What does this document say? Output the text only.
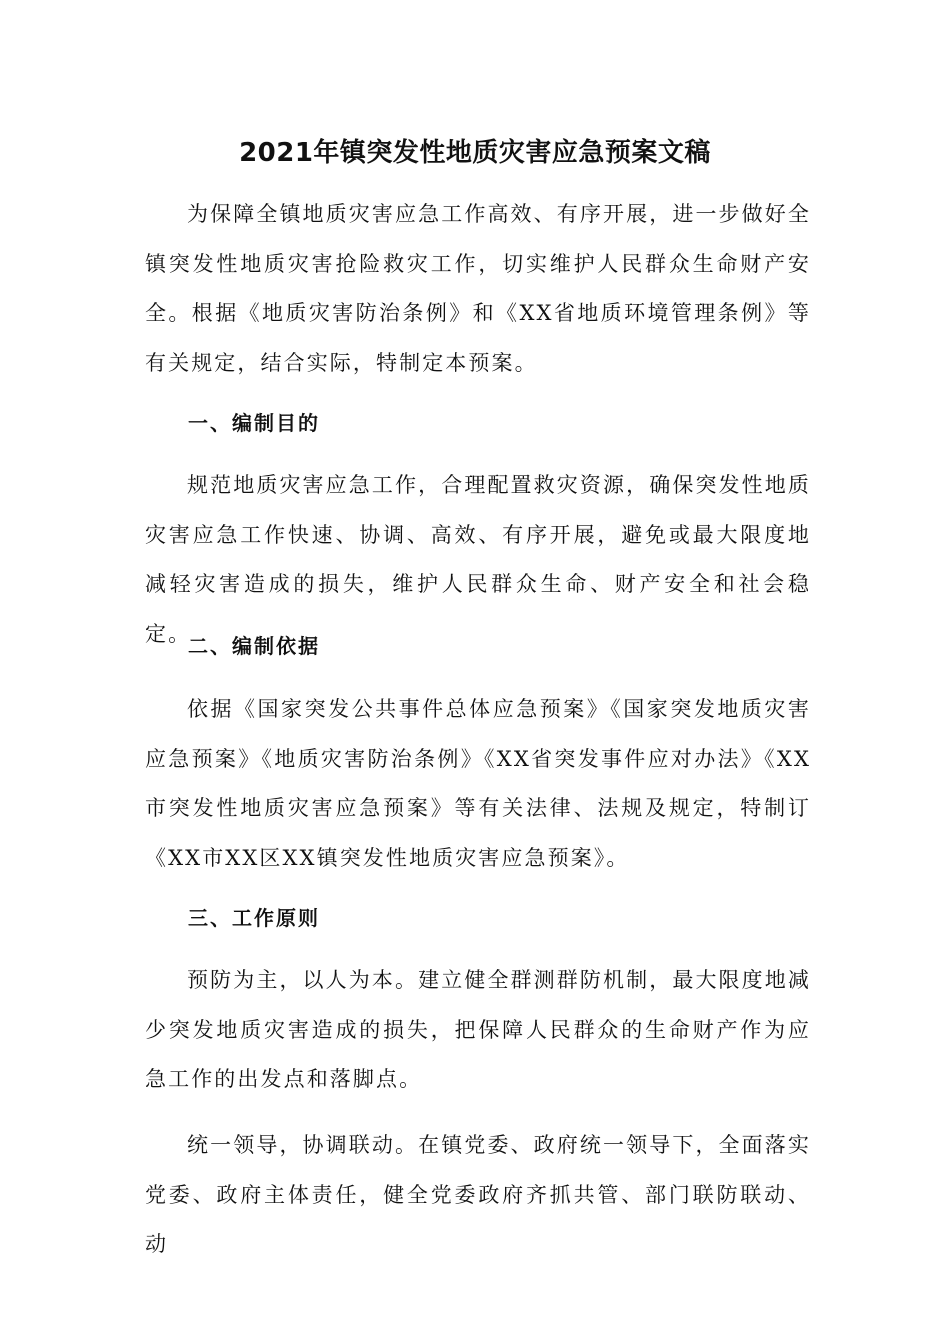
2021年镇突发性地质灾害应急预案文稿

为保障全镇地质灾害应急工作高效、有序开展，进一步做好全镇突发性地质灾害抢险救灾工作，切实维护人民群众生命财产安全。根据《地质灾害防治条例》和《XX省地质环境管理条例》等有关规定，结合实际，特制定本预案。

一、编制目的

规范地质灾害应急工作，合理配置救灾资源，确保突发性地质灾害应急工作快速、协调、高效、有序开展，避免或最大限度地减轻灾害造成的损失，维护人民群众生命、财产安全和社会稳定。

二、编制依据

依据《国家突发公共事件总体应急预案》《国家突发地质灾害应急预案》《地质灾害防治条例》《XX省突发事件应对办法》《XX市突发性地质灾害应急预案》等有关法律、法规及规定，特制订《XX市XX区XX镇突发性地质灾害应急预案》。

三、工作原则

预防为主，以人为本。建立健全群测群防机制，最大限度地减少突发地质灾害造成的损失，把保障人民群众的生命财产作为应急工作的出发点和落脚点。

统一领导，协调联动。在镇党委、政府统一领导下，全面落实党委、政府主体责任，健全党委政府齐抓共管、部门联防联动、动
